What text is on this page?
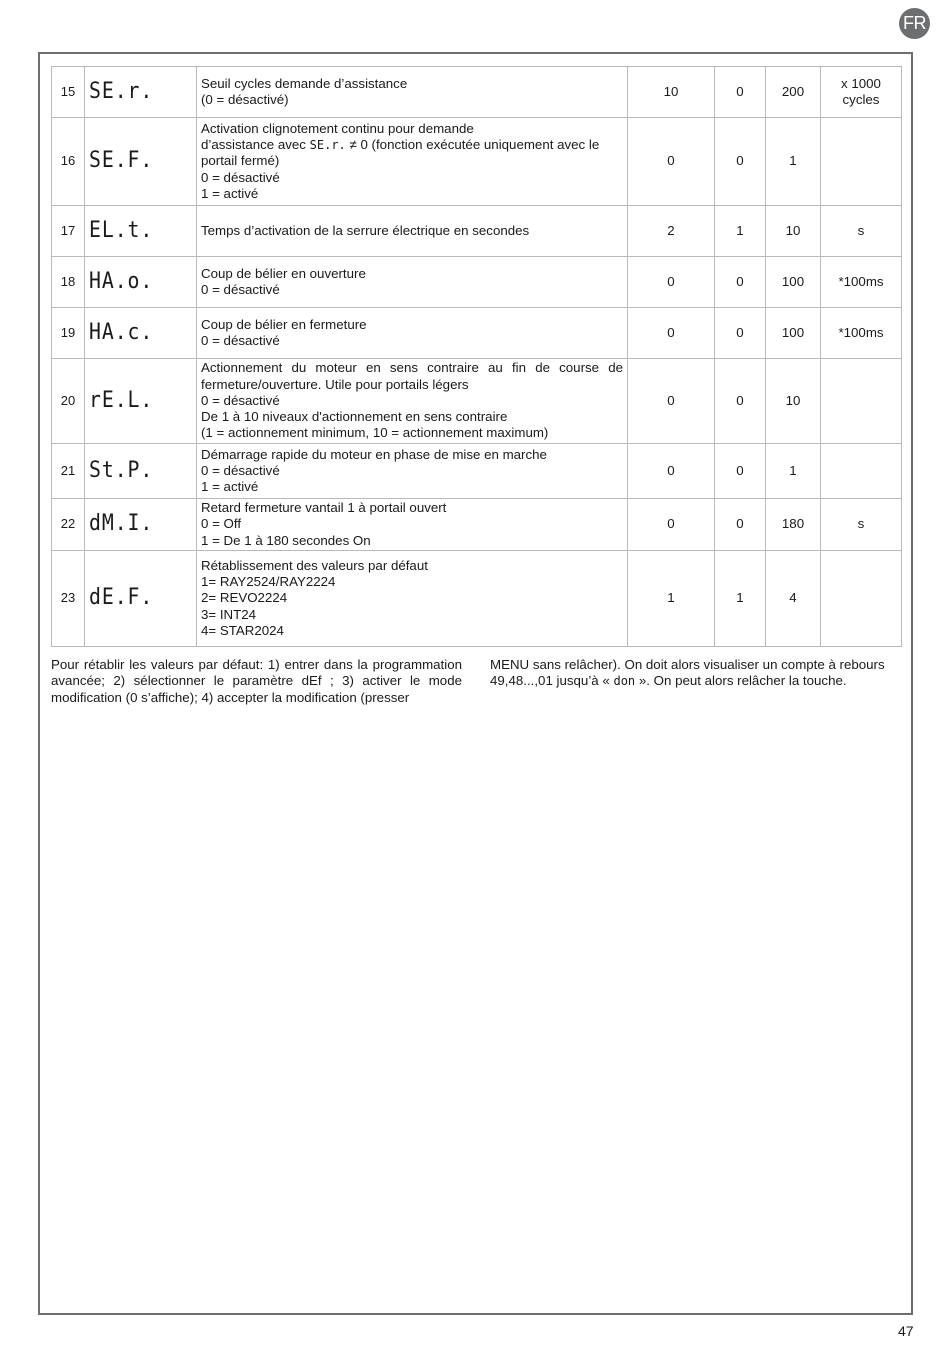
FR
15	SE.r.	Seuil cycles demande d’assistance
(0 = désactivé)	10	0	200	x 1000
cycles

16	SE.F.	Activation clignotement continu pour demande
d’assistance avec SE.r. ≠ 0 (fonction exécutée uniquement avec le
portail fermé)
0 = désactivé
1 = activé	0	0	1	
17	EL.t.	Temps d’activation de la serrure électrique en secondes	2	1	10	s
18	HA.o.	Coup de bélier en ouverture
0 = désactivé	0	0	100	*100ms
19	HA.c.	Coup de bélier en fermeture
0 = désactivé	0	0	100	*100ms
20	rE.L.	Actionnement du moteur en sens contraire au fin de course de fermeture/ouverture. Utile pour portails légers
0 = désactivé
De 1 à 10 niveaux d'actionnement en sens contraire
(1 = actionnement minimum, 10 = actionnement maximum)	0	0	10	
21	St.P.	Démarrage rapide du moteur en phase de mise en marche
0 = désactivé
1 = activé	0	0	1	
22	dM.I.	Retard fermeture vantail 1 à portail ouvert
0 = Off
1 = De 1 à 180 secondes On	0	0	180	s
23	dE.F.	Rétablissement des valeurs par défaut
1= RAY2524/RAY2224
2= REVO2224
3= INT24
4= STAR2024	1	1	4	
Pour rétablir les valeurs par défaut: 1) entrer dans la programmation avancée; 2) sélectionner le paramètre dEf ; 3) activer le mode modification (0 s’affiche); 4) accepter la modification (presser
MENU sans relâcher). On doit alors visualiser un compte à rebours 49,48...,01 jusqu’à « don ». On peut alors relâcher la touche.
47
